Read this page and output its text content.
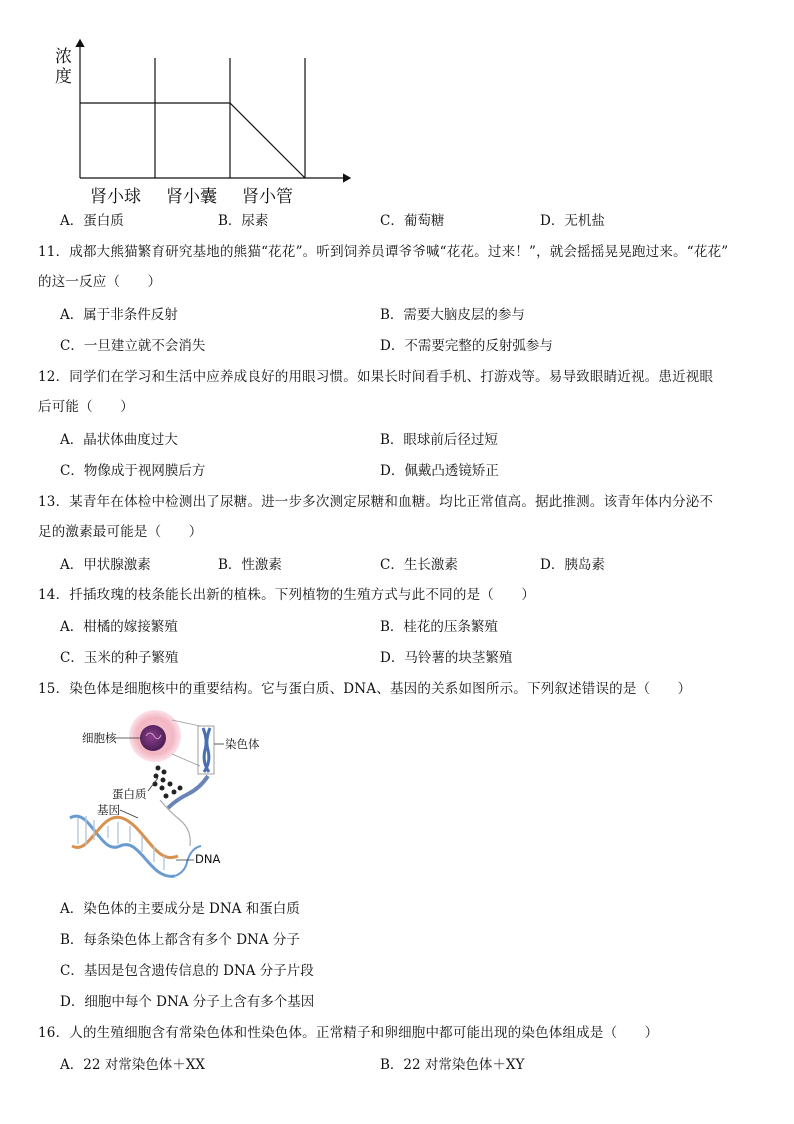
浓
度
肾小球 肾小囊 肾小管
A．蛋白质	B．尿素	C．葡萄糖	D．无机盐
11．成都大熊猫繁育研究基地的熊猫“花花”。听到饲养员谭爷爷喊“花花。过来！”，就会摇摇晃晃跑过来。“花花”
的这一反应（　　）
A．属于非条件反射	B．需要大脑皮层的参与
C．一旦建立就不会消失	D．不需要完整的反射弧参与
12．同学们在学习和生活中应养成良好的用眼习惯。如果长时间看手机、打游戏等。易导致眼睛近视。患近视眼
后可能（　　）
A．晶状体曲度过大	B．眼球前后径过短
C．物像成于视网膜后方	D．佩戴凸透镜矫正
13．某青年在体检中检测出了尿糖。进一步多次测定尿糖和血糖。均比正常值高。据此推测。该青年体内分泌不
足的激素最可能是（　　）
A．甲状腺激素	B．性激素	C．生长激素	D．胰岛素
14．扦插玫瑰的枝条能长出新的植株。下列植物的生殖方式与此不同的是（　　）
A．柑橘的嫁接繁殖	B．桂花的压条繁殖
C．玉米的种子繁殖	D．马铃薯的块茎繁殖
15．染色体是细胞核中的重要结构。它与蛋白质、DNA、基因的关系如图所示。下列叙述错误的是（　　）
细胞核	染色体
蛋白质
基因
DNA
A．染色体的主要成分是 DNA 和蛋白质
B．每条染色体上都含有多个 DNA 分子
C．基因是包含遗传信息的 DNA 分子片段
D．细胞中每个 DNA 分子上含有多个基因
16．人的生殖细胞含有常染色体和性染色体。正常精子和卵细胞中都可能出现的染色体组成是（　　）
A．22 对常染色体＋XX	B．22 对常染色体＋XY
